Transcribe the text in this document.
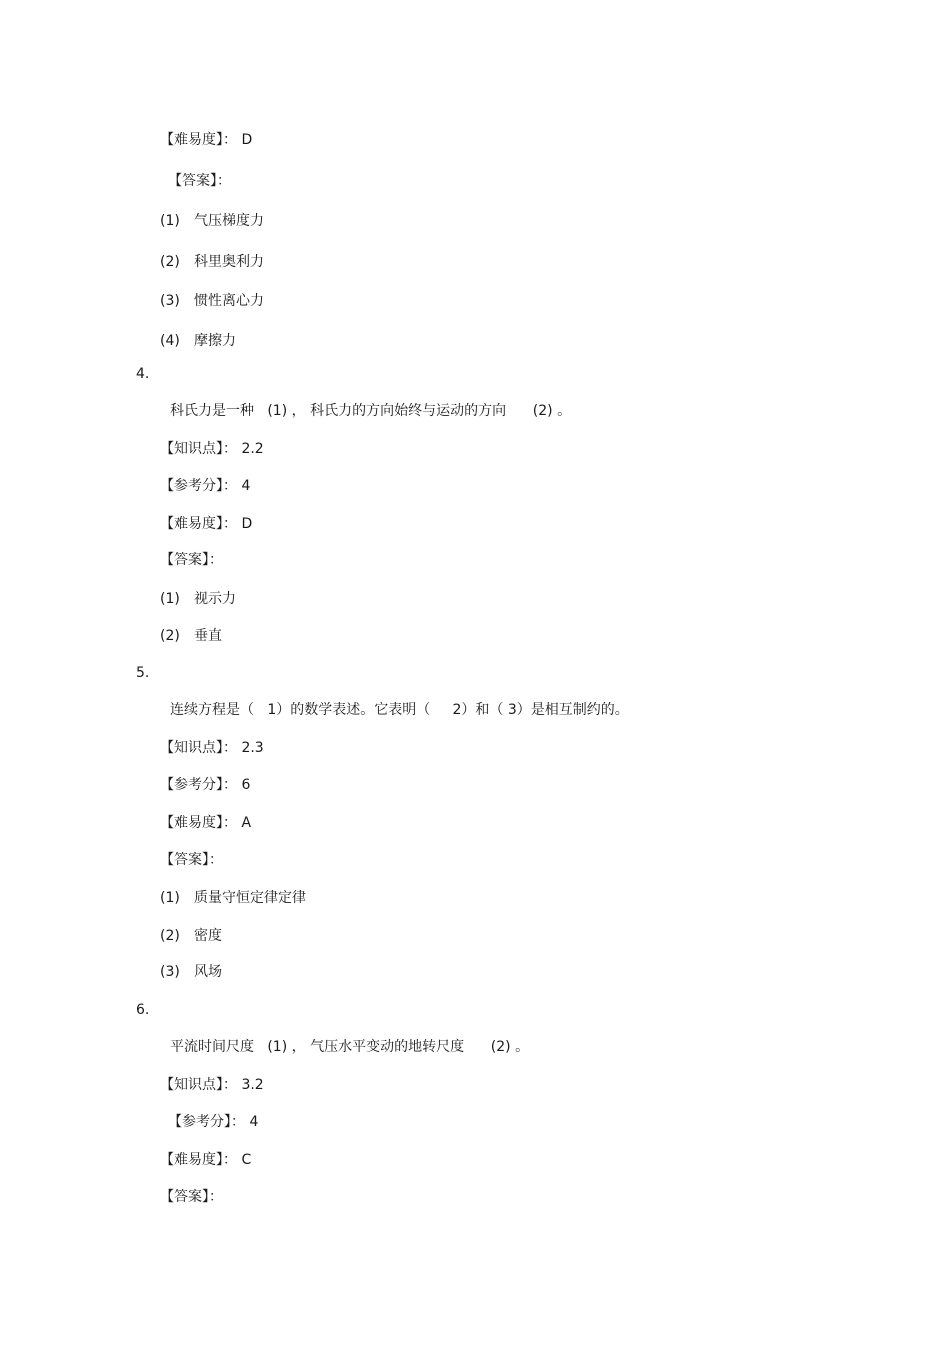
【难易度】： D
【答案】：
(1)	气压梯度力
(2)	科里奥利力
(3)	惯性离心力
(4)	摩擦力
4.
科氏力是一种   (1) ， 科氏力的方向始终与运动的方向      (2) 。
【知识点】： 2.2
【参考分】： 4
【难易度】： D
【答案】：
(1)	视示力
(2)	垂直
5.
连续方程是（   1）的数学表述。它表明（     2）和（ 3）是相互制约的。
【知识点】： 2.3
【参考分】： 6
【难易度】： A
【答案】：
(1)	质量守恒定律定律
(2)	密度
(3)	风场
6.
平流时间尺度   (1) ， 气压水平变动的地转尺度      (2) 。
【知识点】： 3.2
【参考分】： 4
【难易度】： C
【答案】：
